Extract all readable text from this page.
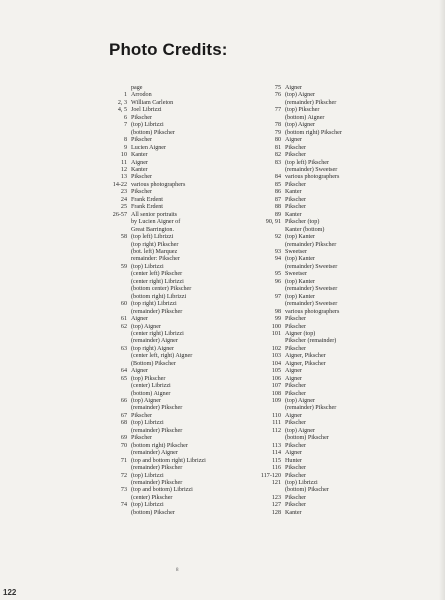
Photo Credits:
page
1 Arrodon
2, 3 William Carleton
4, 5 Joel Librizzi
6 Pikscher
7 (top) Librizzi
(bottom) Pikscher
8 Pikscher
9 Lucien Aigner
10 Kanter
11 Aigner
12 Kanter
13 Pikscher
14-22 various photographers
23 Pikscher
24 Frank Erdent
25 Frank Erdent
26-57 All senior portraits
by Lucien Aigner of
Great Barrington.
58 (top left) Librizzi
(top right) Pikscher
(bot. left) Marquez
remainder: Pikscher
59 (top) Librizzi
(center left) Pikscher
(center right) Librizzi
(bottom center) Pikscher
(bottom right) Librizzi
60 (top right) Librizzi
(remainder) Pikscher
61 Aigner
62 (top) Aigner
(center right) Librizzi
(remainder) Aigner
63 (top right) Aigner
(center left, right) Aigner
(Bottom) Pikscher
64 Aigner
65 (top) Pikscher
(center) Librizzi
(bottom) Aigner
66 (top) Aigner
(remainder) Pikscher
67 Pikscher
68 (top) Librizzi
(remainder) Pikscher
69 Pikscher
70 (bottom right) Pikscher
(remainder) Aigner
71 (top and bottom right) Librizzi
(remainder) Pikscher
72 (top) Librizzi
(remainder) Pikscher
73 (top and bottom) Librizzi
(center) Pikscher
74 (top) Librizzi
(bottom) Pikscher
75 Aigner
76 (top) Aigner
(remainder) Pikscher
77 (top) Pikscher
(bottom) Aigner
78 (top) Aigner
79 (bottom right) Pikscher
80 Aigner
81 Pikscher
82 Pikscher
83 (top left) Pikscher
(remainder) Sweetser
84 various photographers
85 Pikscher
86 Kanter
87 Pikscher
88 Pikscher
89 Kanter
90, 91 Pikscher (top)
Kanter (bottom)
92 (top) Kanter
(remainder) Pikscher
93 Sweetser
94 (top) Kanter
(remainder) Sweetser
95 Sweetser
96 (top) Kanter
(remainder) Sweetser
97 (top) Kanter
(remainder) Sweetser
98 various photographers
99 Pikscher
100 Pikscher
101 Aigner (top)
Pikscher (remainder)
102 Pikscher
103 Aigner, Pikscher
104 Aigner, Pikscher
105 Aigner
106 Aigner
107 Pikscher
108 Pikscher
109 (top) Aigner
(remainder) Pikscher
110 Aigner
111 Pikscher
112 (top) Aigner
(bottom) Pikscher
113 Pikscher
114 Aigner
115 Hunter
116 Pikscher
117-120 Pikscher
121 (top) Librizzi
(bottom) Pikscher
123 Pikscher
127 Pikscher
128 Kanter
8
122
